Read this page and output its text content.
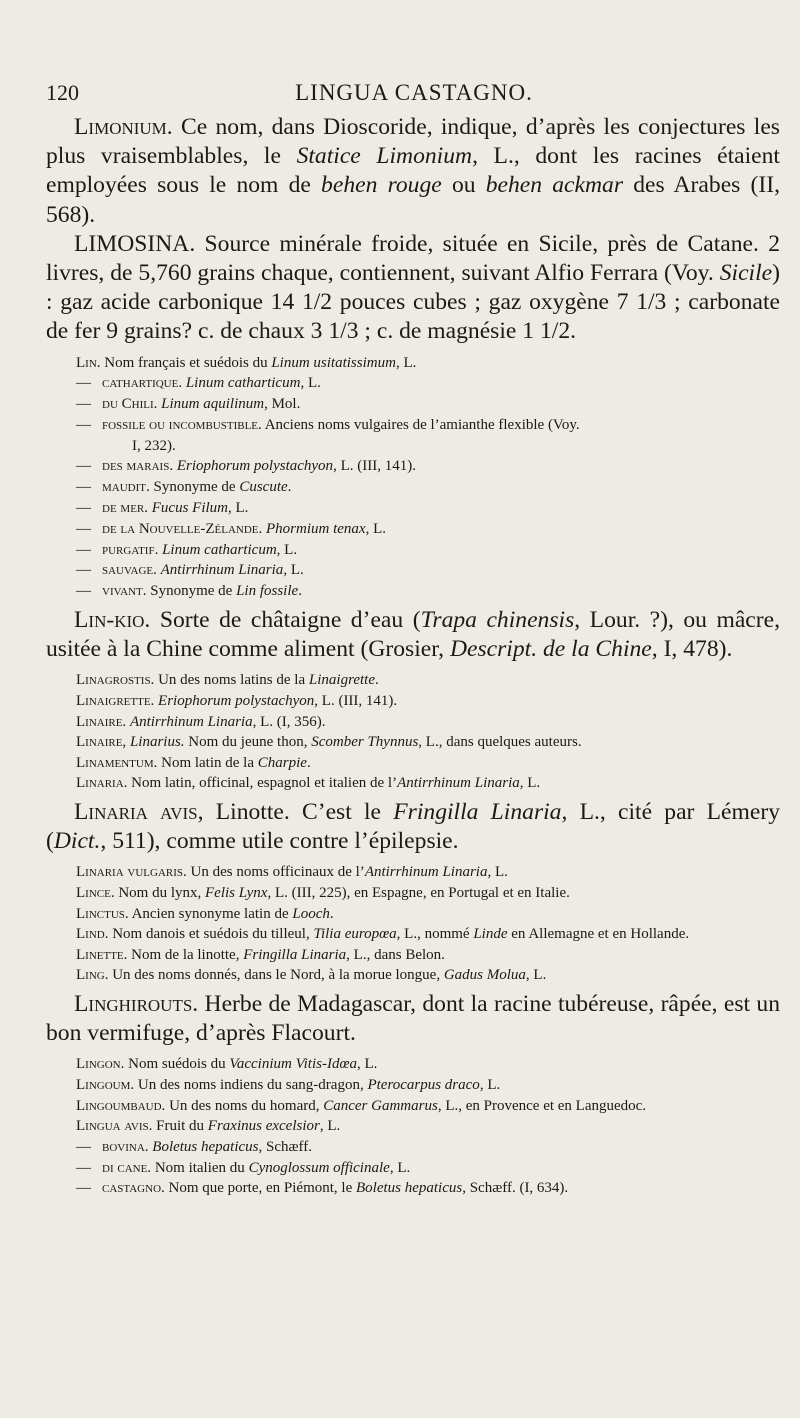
120	LINGUA CASTAGNO.

Limonium. Ce nom, dans Dioscoride, indique, d’après les conjectures les plus vraisemblables, le Statice Limonium, L., dont les racines étaient employées sous le nom de behen rouge ou behen ackmar des Arabes (II, 568).

LIMOSINA. Source minérale froide, située en Sicile, près de Catane. 2 livres, de 5,760 grains chaque, contiennent, suivant Alfio Ferrara (Voy. Sicile) : gaz acide carbonique 14 1/2 pouces cubes ; gaz oxygène 7 1/3 ; carbonate de fer 9 grains? c. de chaux 3 1/3 ; c. de magnésie 1 1/2.

Lin. Nom français et suédois du Linum usitatissimum, L.

— cathartique. Linum catharticum, L.

— du Chili. Linum aquilinum, Mol.

— fossile ou incombustible. Anciens noms vulgaires de l’amianthe flexible (Voy.

I, 232).

— des marais. Eriophorum polystachyon, L. (III, 141).

— maudit. Synonyme de Cuscute.

— de mer. Fucus Filum, L.

— de la Nouvelle-Zélande. Phormium tenax, L.

— purgatif. Linum catharticum, L.

— sauvage. Antirrhinum Linaria, L.

— vivant. Synonyme de Lin fossile.

Lin-kio. Sorte de châtaigne d’eau (Trapa chinensis, Lour. ?), ou mâcre, usitée à la Chine comme aliment (Grosier, Descript. de la Chine, I, 478).

Linagrostis. Un des noms latins de la Linaigrette.

Linaigrette. Eriophorum polystachyon, L. (III, 141).

Linaire. Antirrhinum Linaria, L. (I, 356).

Linaire, Linarius. Nom du jeune thon, Scomber Thynnus, L., dans quelques auteurs.

Linamentum. Nom latin de la Charpie.

Linaria. Nom latin, officinal, espagnol et italien de l’Antirrhinum Linaria, L.

Linaria avis, Linotte. C’est le Fringilla Linaria, L., cité par Lémery (Dict., 511), comme utile contre l’épilepsie.

Linaria vulgaris. Un des noms officinaux de l’Antirrhinum Linaria, L.

Lince. Nom du lynx, Felis Lynx, L. (III, 225), en Espagne, en Portugal et en Italie.

Linctus. Ancien synonyme latin de Looch.

Lind. Nom danois et suédois du tilleul, Tilia europœa, L., nommé Linde en Allemagne et en Hollande.

Linette. Nom de la linotte, Fringilla Linaria, L., dans Belon.

Ling. Un des noms donnés, dans le Nord, à la morue longue, Gadus Molua, L.

Linghirouts. Herbe de Madagascar, dont la racine tubéreuse, râpée, est un bon vermifuge, d’après Flacourt.

Lingon. Nom suédois du Vaccinium Vitis-Idœa, L.

Lingoum. Un des noms indiens du sang-dragon, Pterocarpus draco, L.

Lingoumbaud. Un des noms du homard, Cancer Gammarus, L., en Provence et en Languedoc.

Lingua avis. Fruit du Fraxinus excelsior, L.

— bovina. Boletus hepaticus, Schæff.

— di cane. Nom italien du Cynoglossum officinale, L.

— castagno. Nom que porte, en Piémont, le Boletus hepaticus, Schæff. (I, 634).
